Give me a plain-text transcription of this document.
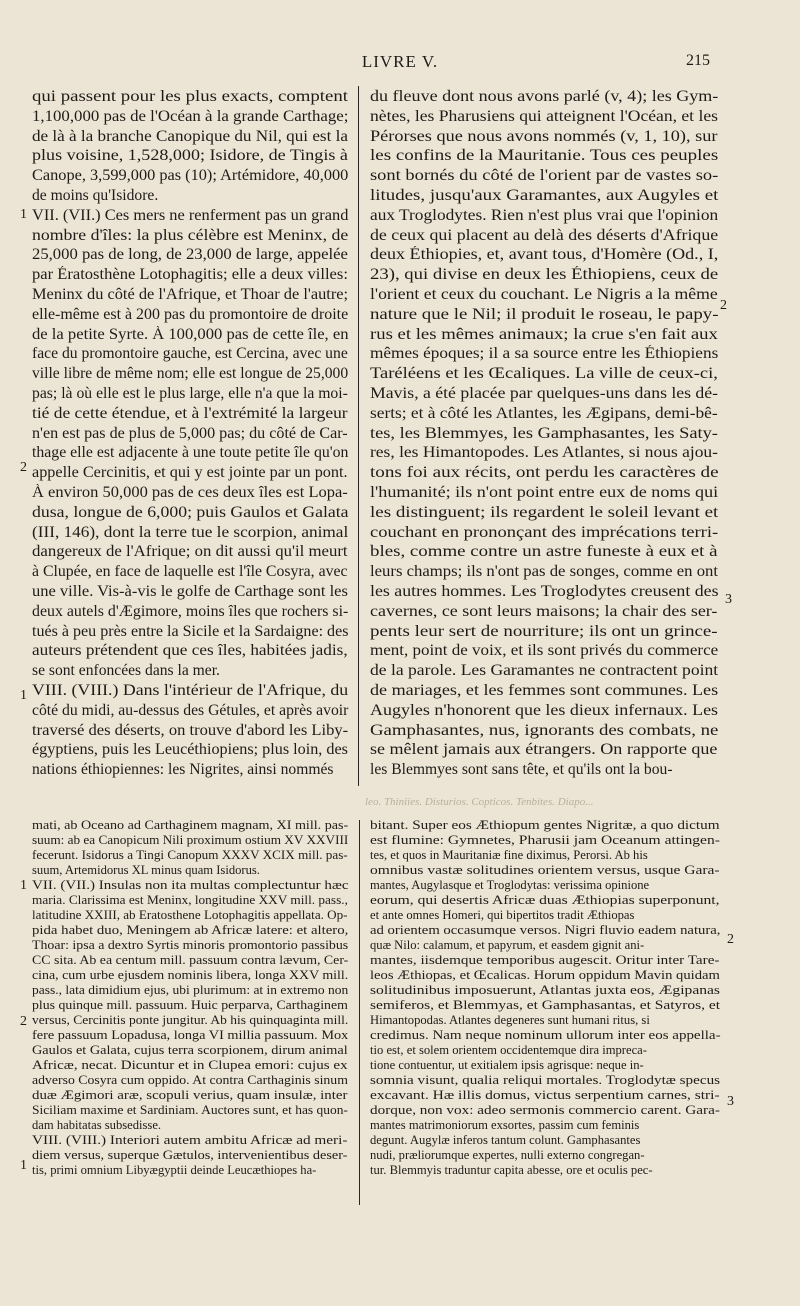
LIVRE V.	215
qui passent pour les plus exacts, comptent
1,100,000 pas de l'Océan à la grande Carthage;
de là à la branche Canopique du Nil, qui est la
plus voisine, 1,528,000; Isidore, de Tingis à
Canope, 3,599,000 pas (10); Artémidore, 40,000
de moins qu'Isidore.
VII. (VII.) Ces mers ne renferment pas un grand
nombre d'îles: la plus célèbre est Meninx, de
25,000 pas de long, de 23,000 de large, appelée
par Ératosthène Lotophagitis; elle a deux villes:
Meninx du côté de l'Afrique, et Thoar de l'autre;
elle-même est à 200 pas du promontoire de droite
de la petite Syrte. À 100,000 pas de cette île, en
face du promontoire gauche, est Cercina, avec une
ville libre de même nom; elle est longue de 25,000
pas; là où elle est le plus large, elle n'a que la moi-
tié de cette étendue, et à l'extrémité la largeur
n'en est pas de plus de 5,000 pas; du côté de Car-
thage elle est adjacente à une toute petite île qu'on
appelle Cercinitis, et qui y est jointe par un pont.
À environ 50,000 pas de ces deux îles est Lopa-
dusa, longue de 6,000; puis Gaulos et Galata
(III, 146), dont la terre tue le scorpion, animal
dangereux de l'Afrique; on dit aussi qu'il meurt
à Clupée, en face de laquelle est l'île Cosyra, avec
une ville. Vis-à-vis le golfe de Carthage sont les
deux autels d'Ægimore, moins îles que rochers si-
tués à peu près entre la Sicile et la Sardaigne: des
auteurs prétendent que ces îles, habitées jadis,
se sont enfoncées dans la mer.
VIII. (VIII.) Dans l'intérieur de l'Afrique, du
côté du midi, au-dessus des Gétules, et après avoir
traversé des déserts, on trouve d'abord les Liby-
égyptiens, puis les Leucéthiopiens; plus loin, des
nations éthiopiennes: les Nigrites, ainsi nommés
du fleuve dont nous avons parlé (v, 4); les Gym-
nètes, les Pharusiens qui atteignent l'Océan, et les
Pérorses que nous avons nommés (v, 1, 10), sur
les confins de la Mauritanie. Tous ces peuples
sont bornés du côté de l'orient par de vastes so-
litudes, jusqu'aux Garamantes, aux Augyles et
aux Troglodytes. Rien n'est plus vrai que l'opinion
de ceux qui placent au delà des déserts d'Afrique
deux Éthiopies, et, avant tous, d'Homère (Od., I,
23), qui divise en deux les Éthiopiens, ceux de
l'orient et ceux du couchant. Le Nigris a la même
nature que le Nil; il produit le roseau, le papy-
rus et les mêmes animaux; la crue s'en fait aux
mêmes époques; il a sa source entre les Éthiopiens
Taréléens et les Œcaliques. La ville de ceux-ci,
Mavis, a été placée par quelques-uns dans les dé-
serts; et à côté les Atlantes, les Ægipans, demi-bê-
tes, les Blemmyes, les Gamphasantes, les Saty-
res, les Himantopodes. Les Atlantes, si nous ajou-
tons foi aux récits, ont perdu les caractères de
l'humanité; ils n'ont point entre eux de noms qui
les distinguent; ils regardent le soleil levant et
couchant en prononçant des imprécations terri-
bles, comme contre un astre funeste à eux et à
leurs champs; ils n'ont pas de songes, comme en ont
les autres hommes. Les Troglodytes creusent des
cavernes, ce sont leurs maisons; la chair des ser-
pents leur sert de nourriture; ils ont un grince-
ment, point de voix, et ils sont privés du commerce
de la parole. Les Garamantes ne contractent point
de mariages, et les femmes sont communes. Les
Augyles n'honorent que les dieux infernaux. Les
Gamphasantes, nus, ignorants des combats, ne
se mêlent jamais aux étrangers. On rapporte que
les Blemmyes sont sans tête, et qu'ils ont la bou-
leo. Thiniies. Disturios. Copticos. Tenbites. Diapo...
mati, ab Oceano ad Carthaginem magnam, XI mill. pas-
suum: ab ea Canopicum Nili proximum ostium XV XXVIII
fecerunt. Isidorus a Tingi Canopum XXXV XCIX mill. pas-
suum, Artemidorus XL minus quam Isidorus.
VII. (VII.) Insulas non ita multas complectuntur hæc
maria. Clarissima est Meninx, longitudine XXV mill. pass.,
latitudine XXIII, ab Eratosthene Lotophagitis appellata. Op-
pida habet duo, Meningem ab Africæ latere: et altero,
Thoar: ipsa a dextro Syrtis minoris promontorio passibus
CC sita. Ab ea centum mill. passuum contra lævum, Cer-
cina, cum urbe ejusdem nominis libera, longa XXV mill.
pass., lata dimidium ejus, ubi plurimum: at in extremo non
plus quinque mill. passuum. Huic perparva, Carthaginem
versus, Cercinitis ponte jungitur. Ab his quinquaginta mill.
fere passuum Lopadusa, longa VI millia passuum. Mox
Gaulos et Galata, cujus terra scorpionem, dirum animal
Africæ, necat. Dicuntur et in Clupea emori: cujus ex
adverso Cosyra cum oppido. At contra Carthaginis sinum
duæ Ægimori aræ, scopuli verius, quam insulæ, inter
Siciliam maxime et Sardiniam. Auctores sunt, et has quon-
dam habitatas subsedisse.
VIII. (VIII.) Interiori autem ambitu Africæ ad meri-
diem versus, superque Gætulos, intervenientibus deser-
tis, primi omnium Libyægyptii deinde Leucæthiopes ha-
bitant. Super eos Æthiopum gentes Nigritæ, a quo dictum
est flumine: Gymnetes, Pharusii jam Oceanum attingen-
tes, et quos in Mauritaniæ fine diximus, Perorsi. Ab his
omnibus vastæ solitudines orientem versus, usque Gara-
mantes, Augylasque et Troglodytas: verissima opinione
eorum, qui desertis Africæ duas Æthiopias superponunt,
et ante omnes Homeri, qui bipertitos tradit Æthiopas
ad orientem occasumque versos. Nigri fluvio eadem natura,
quæ Nilo: calamum, et papyrum, et easdem gignit ani-
mantes, iisdemque temporibus augescit. Oritur inter Tare-
leos Æthiopas, et Œcalicas. Horum oppidum Mavin quidam
solitudinibus imposuerunt, Atlantas juxta eos, Ægipanas
semiferos, et Blemmyas, et Gamphasantas, et Satyros, et
Himantopodas. Atlantes degeneres sunt humani ritus, si
credimus. Nam neque nominum ullorum inter eos appella-
tio est, et solem orientem occidentemque dira impreca-
tione contuentur, ut exitialem ipsis agrisque: neque in-
somnia visunt, qualia reliqui mortales. Troglodytæ specus
excavant. Hæ illis domus, victus serpentium carnes, stri-
dorque, non vox: adeo sermonis commercio carent. Gara-
mantes matrimoniorum exsortes, passim cum feminis
degunt. Augylæ inferos tantum colunt. Gamphasantes
nudi, præliorumque expertes, nulli externo congregan-
tur. Blemmyis traduntur capita abesse, ore et oculis pec-
1
2
1
2
3
1
2
1
2
3
